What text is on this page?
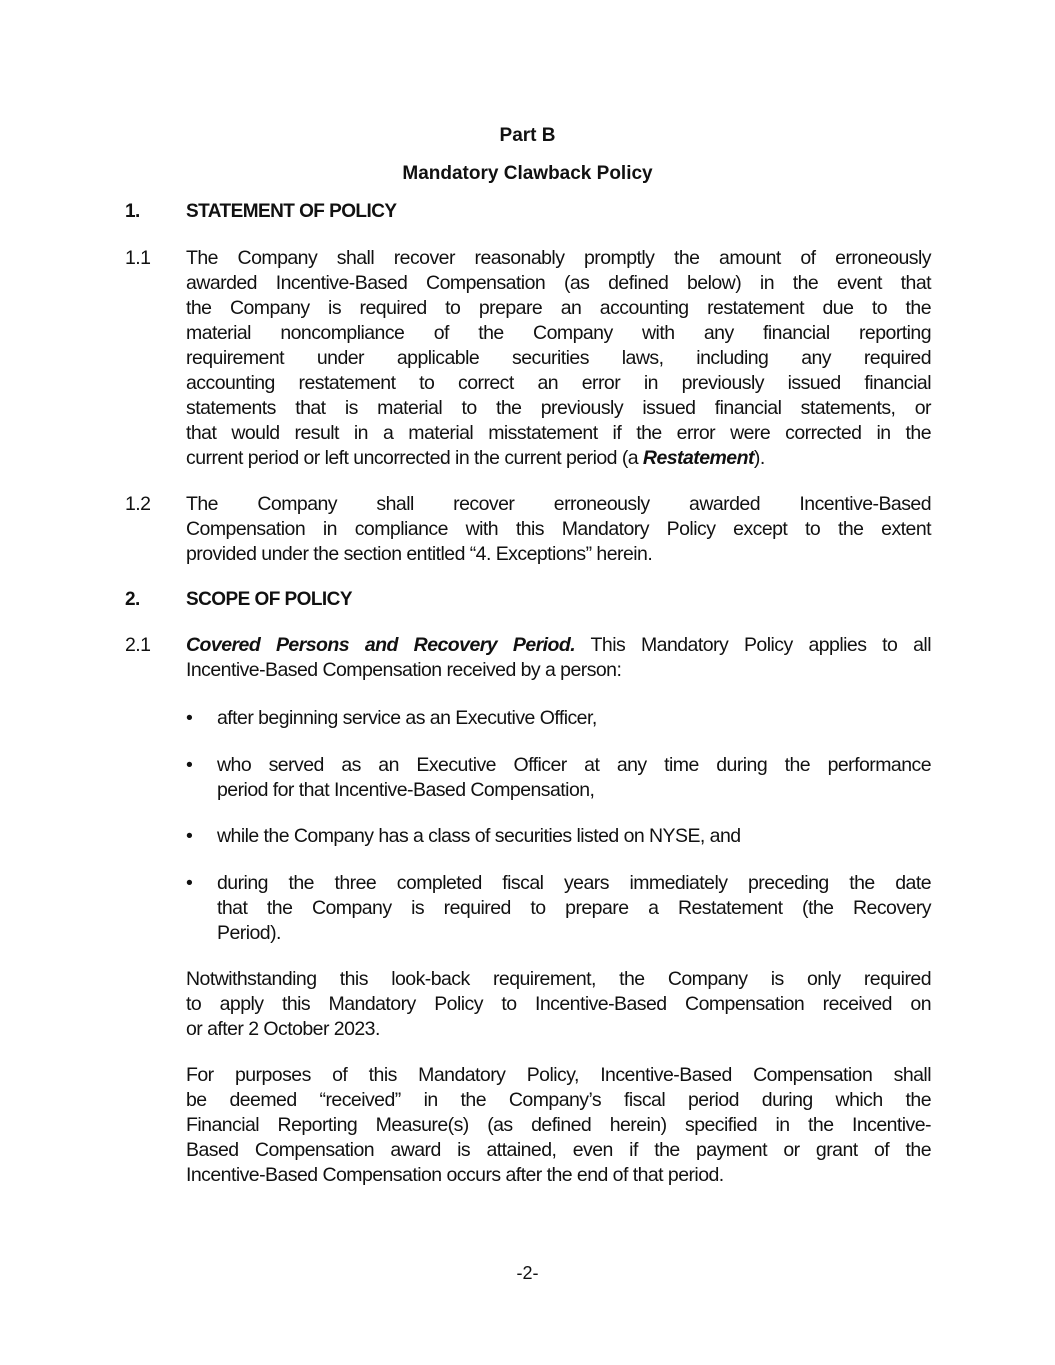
Part B
Mandatory Clawback Policy
1. STATEMENT OF POLICY
1.1 The Company shall recover reasonably promptly the amount of erroneously
awarded Incentive-Based Compensation (as defined below) in the event that
the Company is required to prepare an accounting restatement due to the
material noncompliance of the Company with any financial reporting
requirement under applicable securities laws, including any required
accounting restatement to correct an error in previously issued financial
statements that is material to the previously issued financial statements, or
that would result in a material misstatement if the error were corrected in the
current period or left uncorrected in the current period (a Restatement).
1.2 The Company shall recover erroneously awarded Incentive-Based
Compensation in compliance with this Mandatory Policy except to the extent
provided under the section entitled “4. Exceptions” herein.
2. SCOPE OF POLICY
2.1 Covered Persons and Recovery Period. This Mandatory Policy applies to all
Incentive-Based Compensation received by a person:
• after beginning service as an Executive Officer,
• who served as an Executive Officer at any time during the performance
period for that Incentive-Based Compensation,
• while the Company has a class of securities listed on NYSE, and
• during the three completed fiscal years immediately preceding the date
that the Company is required to prepare a Restatement (the Recovery
Period).
Notwithstanding this look-back requirement, the Company is only required
to apply this Mandatory Policy to Incentive-Based Compensation received on
or after 2 October 2023.
For purposes of this Mandatory Policy, Incentive-Based Compensation shall
be deemed “received” in the Company’s fiscal period during which the
Financial Reporting Measure(s) (as defined herein) specified in the Incentive-
Based Compensation award is attained, even if the payment or grant of the
Incentive-Based Compensation occurs after the end of that period.
-2-
